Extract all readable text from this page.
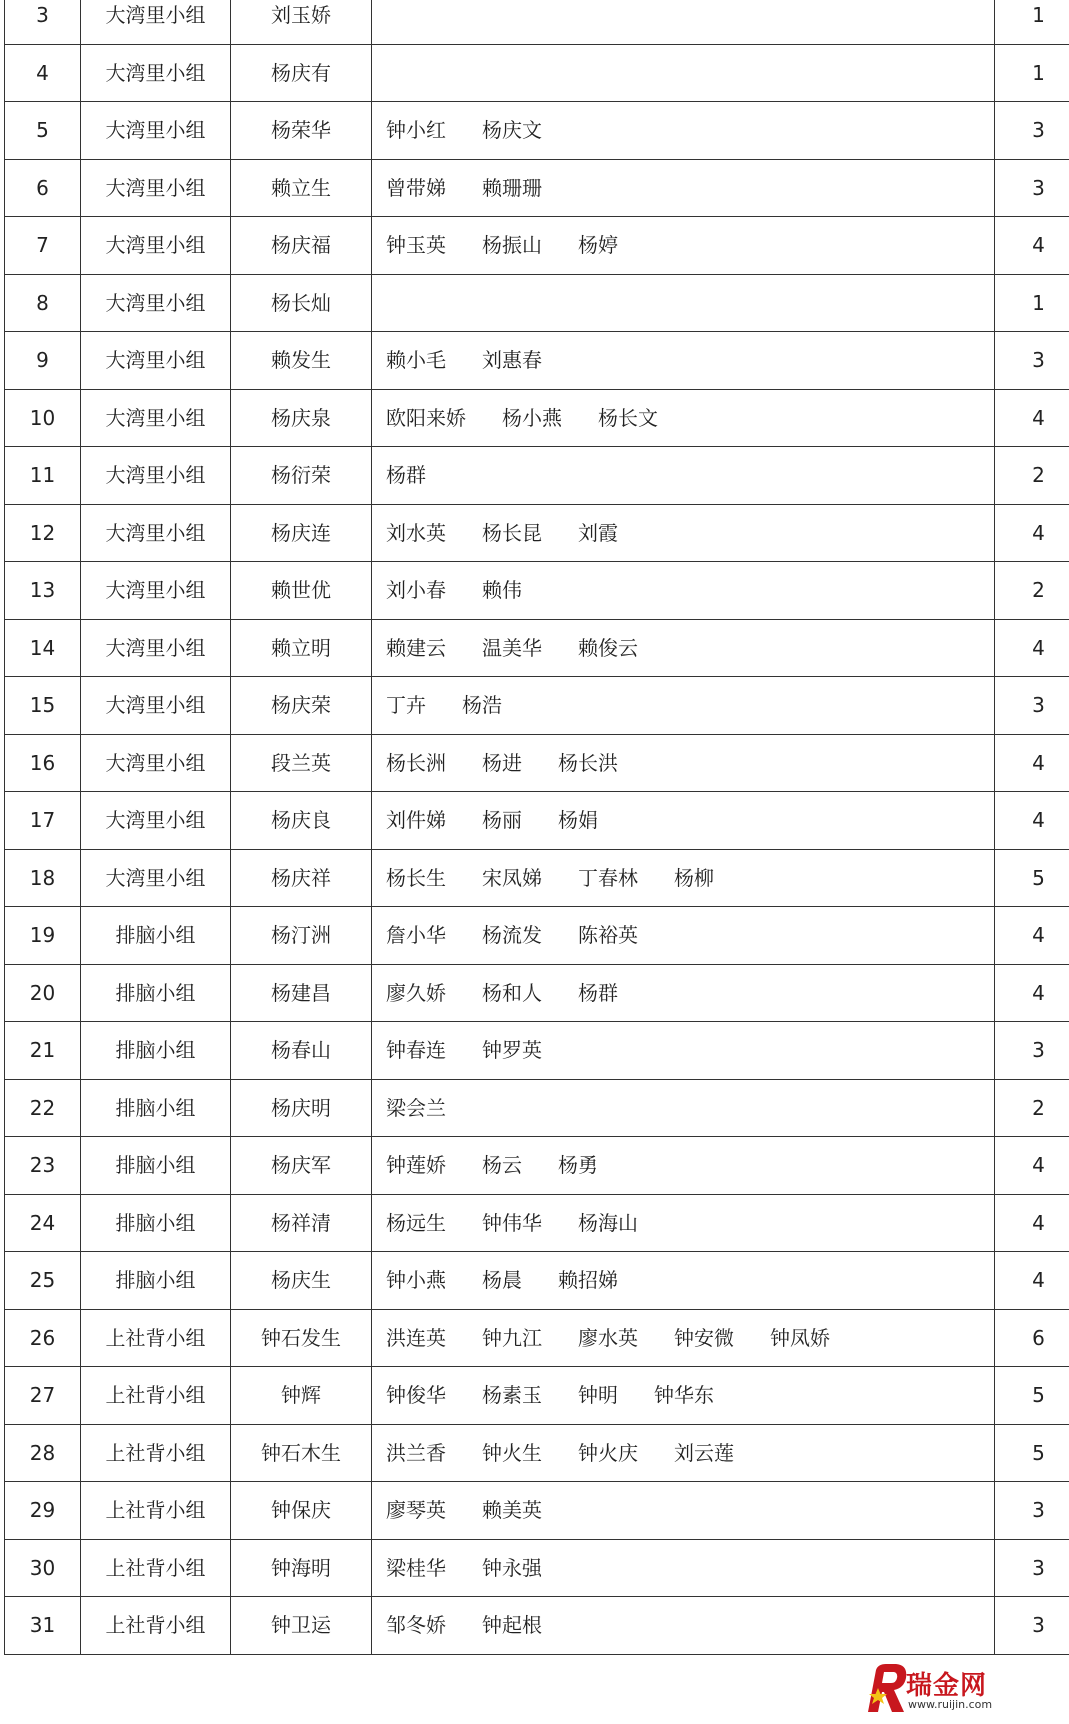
3	大湾里小组	刘玉娇		1
4	大湾里小组	杨庆有		1
5	大湾里小组	杨荣华	钟小红 杨庆文	3
6	大湾里小组	赖立生	曾带娣 赖珊珊	3
7	大湾里小组	杨庆福	钟玉英 杨振山 杨婷	4
8	大湾里小组	杨长灿		1
9	大湾里小组	赖发生	赖小毛 刘惠春	3
10	大湾里小组	杨庆泉	欧阳来娇 杨小燕 杨长文	4
11	大湾里小组	杨衍荣	杨群	2
12	大湾里小组	杨庆连	刘水英 杨长昆 刘霞	4
13	大湾里小组	赖世优	刘小春 赖伟	2
14	大湾里小组	赖立明	赖建云 温美华 赖俊云	4
15	大湾里小组	杨庆荣	丁卉 杨浩	3
16	大湾里小组	段兰英	杨长洲 杨进 杨长洪	4
17	大湾里小组	杨庆良	刘件娣 杨丽 杨娟	4
18	大湾里小组	杨庆祥	杨长生 宋凤娣 丁春林 杨柳	5
19	排脑小组	杨汀洲	詹小华 杨流发 陈裕英	4
20	排脑小组	杨建昌	廖久娇 杨和人 杨群	4
21	排脑小组	杨春山	钟春连 钟罗英	3
22	排脑小组	杨庆明	梁会兰	2
23	排脑小组	杨庆军	钟莲娇 杨云 杨勇	4
24	排脑小组	杨祥清	杨远生 钟伟华 杨海山	4
25	排脑小组	杨庆生	钟小燕 杨晨 赖招娣	4
26	上社背小组	钟石发生	洪连英 钟九江 廖水英 钟安微 钟凤娇	6
27	上社背小组	钟辉	钟俊华 杨素玉 钟明 钟华东	5
28	上社背小组	钟石木生	洪兰香 钟火生 钟火庆 刘云莲	5
29	上社背小组	钟保庆	廖琴英 赖美英	3
30	上社背小组	钟海明	梁桂华 钟永强	3
31	上社背小组	钟卫运	邹冬娇 钟起根	3
瑞金网
www.ruijin.com
